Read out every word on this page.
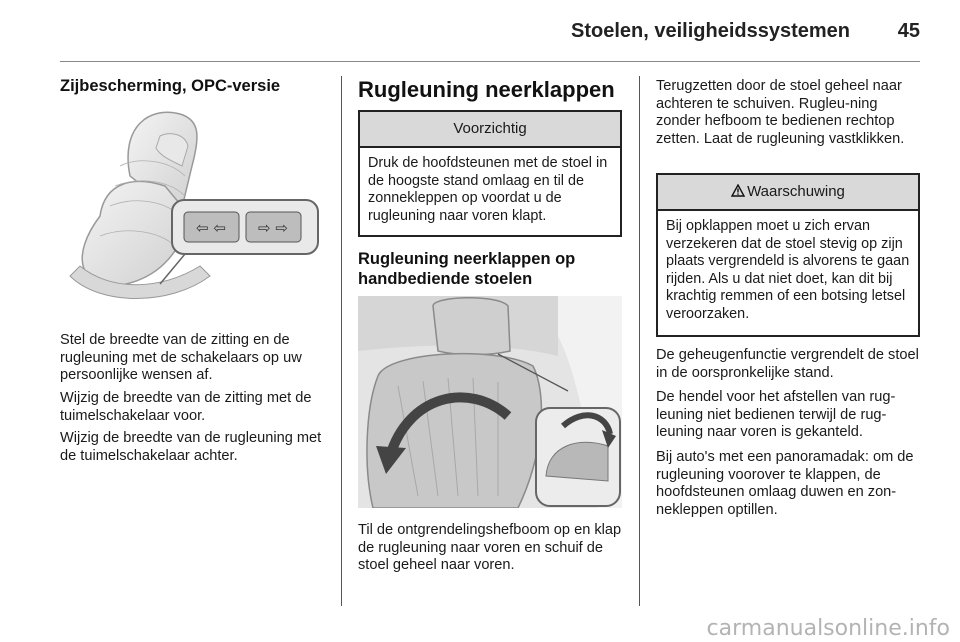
Stoelen, veiligheidssystemen	45
Zijbescherming, OPC-versie
⇦ ⇦ ⇨ ⇨

Stel de breedte van de zitting en de rugleuning met de schakelaars op uw persoonlijke wensen af.

Wijzig de breedte van de zitting met de tuimelschakelaar voor.

Wijzig de breedte van de rugleuning met de tuimelschakelaar achter.

Rugleuning neerklappen
Voorzichtig

Druk de hoofdsteunen met de stoel in de hoogste stand omlaag en til de zonnekleppen op voordat u de rugleuning naar voren klapt.

Rugleuning neerklappen op handbediende stoelen

Til de ontgrendelingshefboom op en klap de rugleuning naar voren en schuif de stoel geheel naar voren.

Terugzetten door de stoel geheel naar achteren te schuiven. Rugleu-ning zonder hefboom te bedienen rechtop zetten. Laat de rugleuning vastklikken.

Waarschuwing

Bij opklappen moet u zich ervan verzekeren dat de stoel stevig op zijn plaats vergrendeld is alvorens te gaan rijden. Als u dat niet doet, kan dit bij krachtig remmen of een botsing letsel veroorzaken.

De geheugenfunctie vergrendelt de stoel in de oorspronkelijke stand.

De hendel voor het afstellen van rug-leuning niet bedienen terwijl de rug-leuning naar voren is gekanteld.

Bij auto's met een panoramadak: om de rugleuning voorover te klappen, de hoofdsteunen omlaag duwen en zon-nekleppen optillen.

carmanualsonline.info
